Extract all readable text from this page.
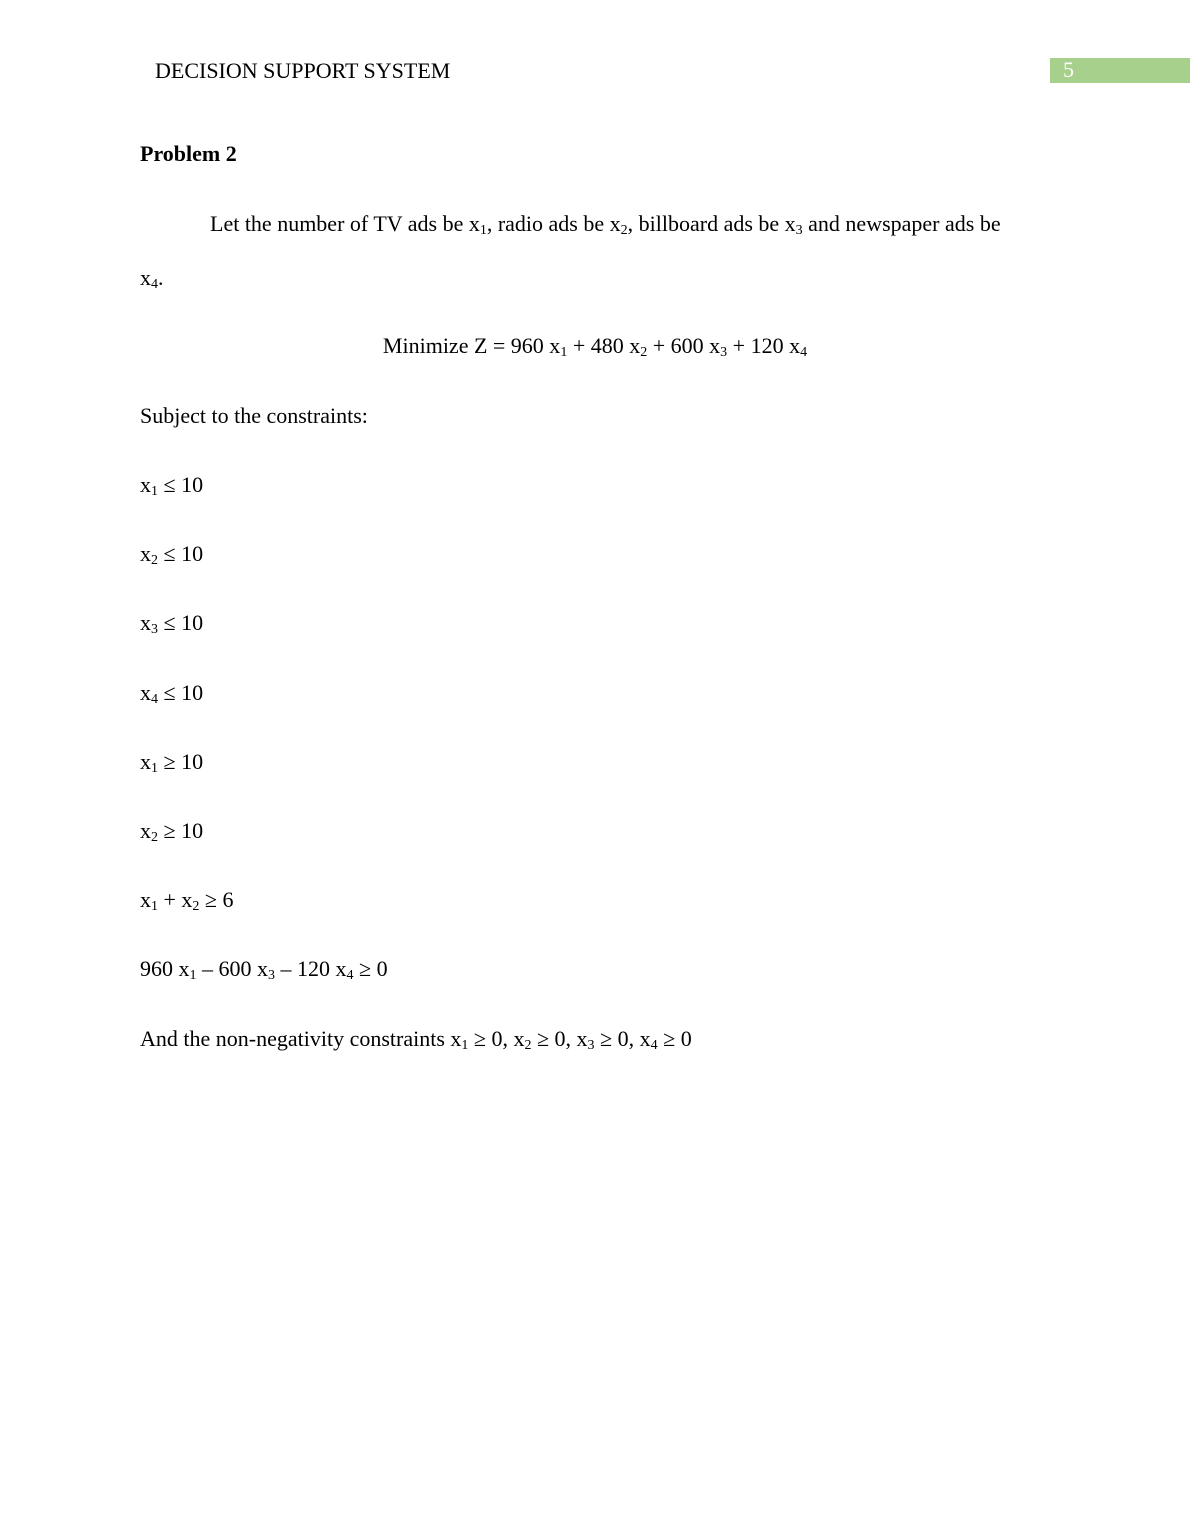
DECISION SUPPORT SYSTEM	5
Problem 2
Let the number of TV ads be $x_1$, radio ads be $x_2$, billboard ads be $x_3$ and newspaper ads be
$x_4$.
Minimize Z = 960 $x_1 + 480$ $x_2 + 600$ $x_3 + 120$ $x_4$
Subject to the constraints:
$x_1 \le 10$
$x_2 \le 10$
$x_3 \le 10$
$x_4 \le 10$
$x_1 \ge 10$
$x_2 \ge 10$
$x_1 + x_2 \ge 6$
960 $x_1 - 600$ $x_3 - 120$ $x_4 \ge 0$
And the non-negativity constraints $x_1 \ge 0$, $x_2 \ge 0$, $x_3 \ge 0$, $x_4 \ge 0$
